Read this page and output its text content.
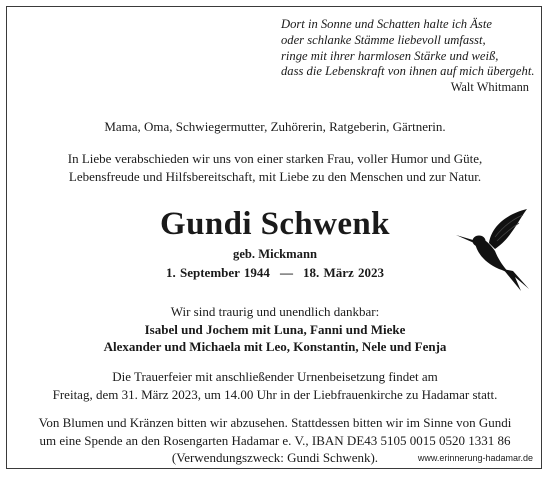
Dort in Sonne und Schatten halte ich Äste
oder schlanke Stämme liebevoll umfasst,
ringe mit ihrer harmlosen Stärke und weiß,
dass die Lebenskraft von ihnen auf mich übergeht.
Walt Whitmann
Mama, Oma, Schwiegermutter, Zuhörerin, Ratgeberin, Gärtnerin.
In Liebe verabschieden wir uns von einer starken Frau, voller Humor und Güte,
Lebensfreude und Hilfsbereitschaft, mit Liebe zu den Menschen und zur Natur.
Gundi Schwenk
geb. Mickmann
1. September 1944 — 18. März 2023
Wir sind traurig und unendlich dankbar:
Isabel und Jochem mit Luna, Fanni und Mieke
Alexander und Michaela mit Leo, Konstantin, Nele und Fenja
Die Trauerfeier mit anschließender Urnenbeisetzung findet am
Freitag, dem 31. März 2023, um 14.00 Uhr in der Liebfrauenkirche zu Hadamar statt.
Von Blumen und Kränzen bitten wir abzusehen. Stattdessen bitten wir im Sinne von Gundi
um eine Spende an den Rosengarten Hadamar e. V., IBAN DE43 5105 0015 0520 1331 86
(Verwendungszweck: Gundi Schwenk).	www.erinnerung-hadamar.de
